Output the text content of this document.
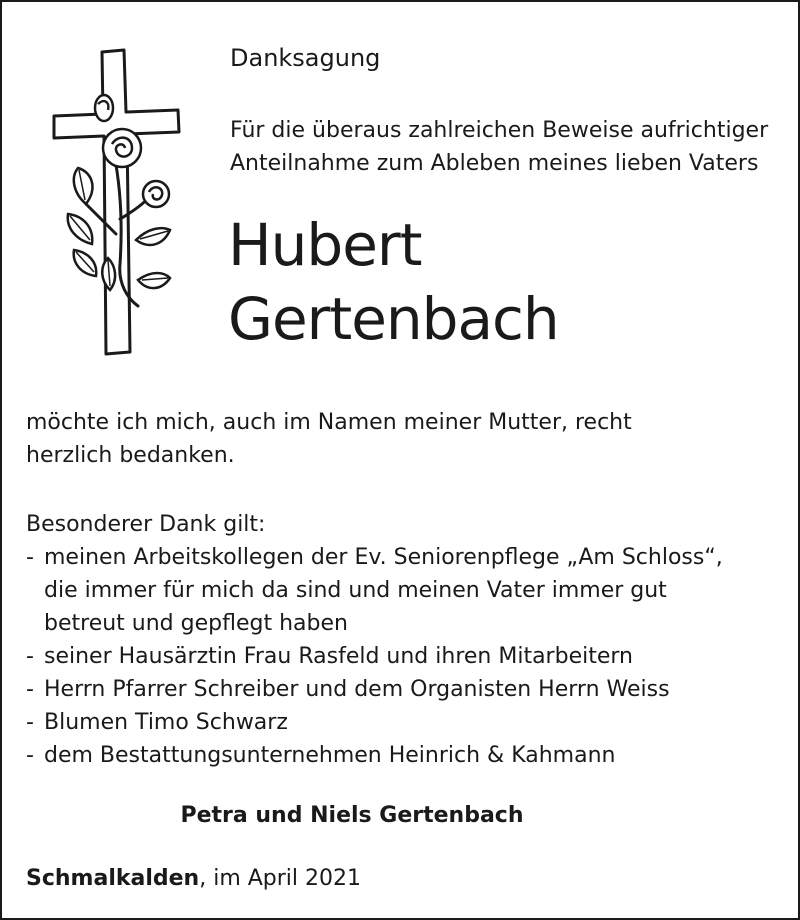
Danksagung
Für die überaus zahlreichen Beweise aufrichtiger
Anteilnahme zum Ableben meines lieben Vaters
Hubert
Gertenbach
möchte ich mich, auch im Namen meiner Mutter, recht
herzlich bedanken.
Besonderer Dank gilt:
- meinen Arbeitskollegen der Ev. Seniorenpflege „Am Schloss“,
die immer für mich da sind und meinen Vater immer gut
betreut und gepflegt haben
- seiner Hausärztin Frau Rasfeld und ihren Mitarbeitern
- Herrn Pfarrer Schreiber und dem Organisten Herrn Weiss
- Blumen Timo Schwarz
- dem Bestattungsunternehmen Heinrich & Kahmann
Petra und Niels Gertenbach
Schmalkalden, im April 2021
